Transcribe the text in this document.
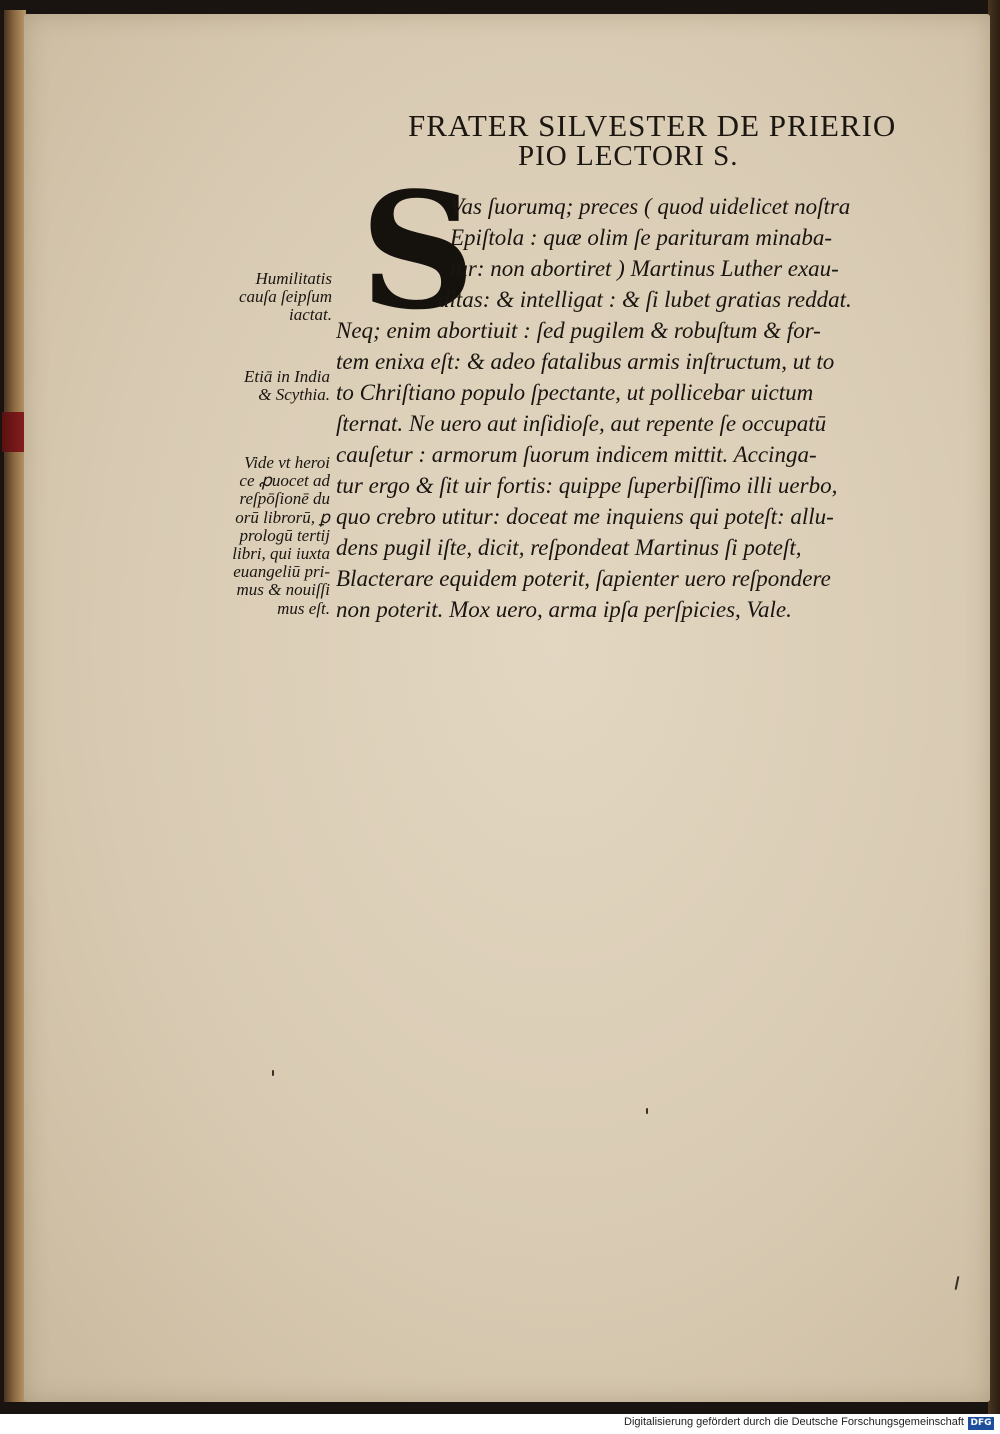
FRATER SILVESTER DE PRIERIO
PIO LECTORI S.
S
Vas ſuorumq; preces ( quod uidelicet noſtra
Epiſtola : quæ olim ſe parituram minaba-
tur: non abortiret ) Martinus Luther exau-
ditas: & intelligat : & ſi lubet gratias reddat.
Neq; enim abortiuit : ſed pugilem & robuſtum & for-
tem enixa eſt: & adeo fatalibus armis inſtructum, ut to
to Chriſtiano populo ſpectante, ut pollicebar uictum
ſternat. Ne uero aut inſidioſe, aut repente ſe occupatū
cauſetur : armorum ſuorum indicem mittit. Accinga-
tur ergo & ſit uir fortis: quippe ſuperbiſſimo illi uerbo,
quo crebro utitur: doceat me inquiens qui poteſt: allu-
dens pugil iſte, dicit, reſpondeat Martinus ſi poteſt,
Blacterare equidem poterit, ſapienter uero reſpondere
non poterit. Mox uero, arma ipſa perſpicies, Vale.
Humilitatis
cauſa ſeipſum
iactat.
Etiā in India
& Scythia.
Vide vt heroi
ce ꝓuocet ad
reſpōſionē du
orū librorū, ꝑ
prologū tertij
libri, qui iuxta
euangeliū pri-
mus & nouiſſi
mus eſt.
Digitalisierung gefördert durch die Deutsche Forschungsgemeinschaft DFG
